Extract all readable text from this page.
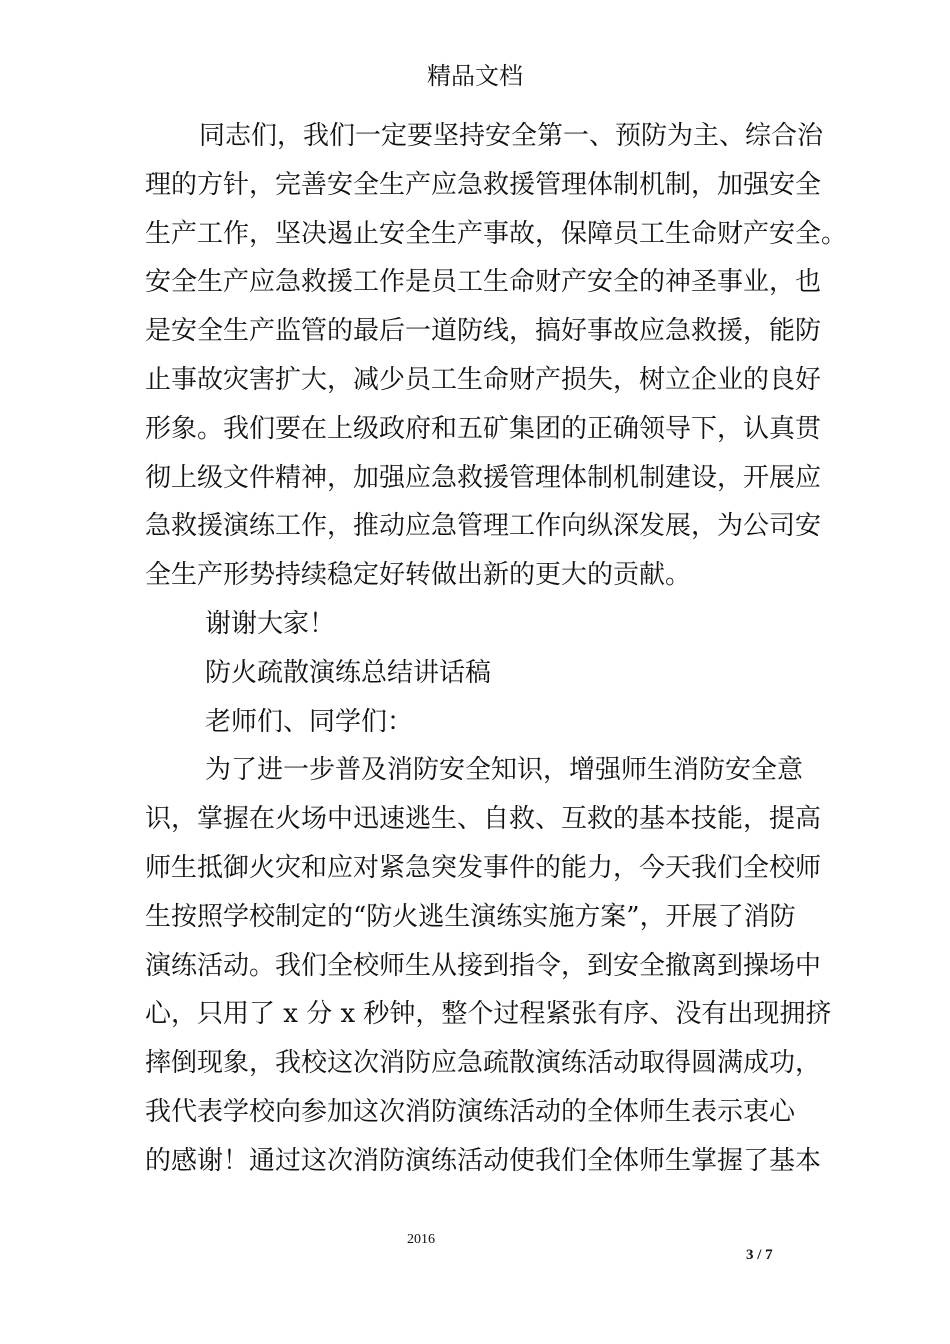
精品文档
同志们，我们一定要坚持安全第一、预防为主、综合治
理的方针，完善安全生产应急救援管理体制机制，加强安全
生产工作，坚决遏止安全生产事故，保障员工生命财产安全。
安全生产应急救援工作是员工生命财产安全的神圣事业，也
是安全生产监管的最后一道防线，搞好事故应急救援，能防
止事故灾害扩大，减少员工生命财产损失，树立企业的良好
形象。我们要在上级政府和五矿集团的正确领导下，认真贯
彻上级文件精神，加强应急救援管理体制机制建设，开展应
急救援演练工作，推动应急管理工作向纵深发展，为公司安
全生产形势持续稳定好转做出新的更大的贡献。
谢谢大家！
防火疏散演练总结讲话稿
老师们、同学们：
为了进一步普及消防安全知识，增强师生消防安全意
识，掌握在火场中迅速逃生、自救、互救的基本技能，提高
师生抵御火灾和应对紧急突发事件的能力，今天我们全校师
生按照学校制定的“防火逃生演练实施方案”，开展了消防
演练活动。我们全校师生从接到指令，到安全撤离到操场中
心，只用了 x 分 x 秒钟，整个过程紧张有序、没有出现拥挤
摔倒现象，我校这次消防应急疏散演练活动取得圆满成功，
我代表学校向参加这次消防演练活动的全体师生表示衷心
的感谢！通过这次消防演练活动使我们全体师生掌握了基本
2016
3 / 7
